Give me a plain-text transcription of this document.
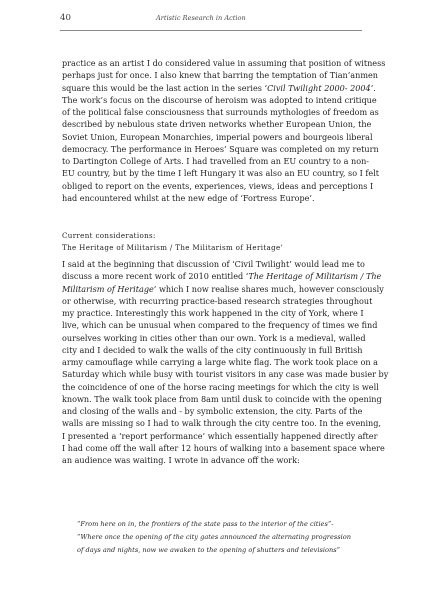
40	Artistic Research in Action
practice as an artist I do considered value in assuming that position of witness
perhaps just for once. I also knew that barring the temptation of Tian’anmen
square this would be the last action in the series ‘Civil Twilight 2000- 2004’.
The work’s focus on the discourse of heroism was adopted to intend critique
of the political false consciousness that surrounds mythologies of freedom as
described by nebulous state driven networks whether European Union, the
Soviet Union, European Monarchies, imperial powers and bourgeois liberal
democracy. The performance in Heroes’ Square was completed on my return
to Dartington College of Arts. I had travelled from an EU country to a non-
EU country, but by the time I left Hungary it was also an EU country, so I felt
obliged to report on the events, experiences, views, ideas and perceptions I
had encountered whilst at the new edge of ‘Fortress Europe’.
Current considerations:
The Heritage of Militarism / The Militarism of Heritage’
I said at the beginning that discussion of ‘Civil Twilight’ would lead me to
discuss a more recent work of 2010 entitled ‘The Heritage of Militarism / The
Militarism of Heritage’ which I now realise shares much, however consciously
or otherwise, with recurring practice-based research strategies throughout
my practice. Interestingly this work happened in the city of York, where I
live, which can be unusual when compared to the frequency of times we find
ourselves working in cities other than our own. York is a medieval, walled
city and I decided to walk the walls of the city continuously in full British
army camouflage while carrying a large white flag. The work took place on a
Saturday which while busy with tourist visitors in any case was made busier by
the coincidence of one of the horse racing meetings for which the city is well
known. The walk took place from 8am until dusk to coincide with the opening
and closing of the walls and - by symbolic extension, the city. Parts of the
walls are missing so I had to walk through the city centre too. In the evening,
I presented a ‘report performance’ which essentially happened directly after
I had come off the wall after 12 hours of walking into a basement space where
an audience was waiting. I wrote in advance off the work:
“From here on in, the frontiers of the state pass to the interior of the cities”-
“Where once the opening of the city gates announced the alternating progression
of days and nights, now we awaken to the opening of shutters and televisions”
